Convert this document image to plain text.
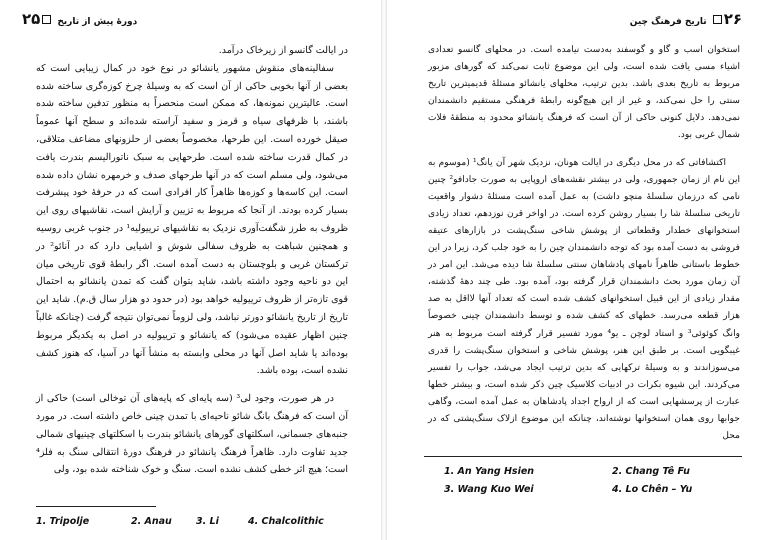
۲۵ دورهٔ پیش از تاریخ

در ایالت گانسو از زیرخاک درآمد.

سفالینه‌های منقوش مشهور یانشائو در نوع خود در کمال زیبایی است که بعضی از آنها بخوبی حاکی از آن است که به وسیلهٔ چرخ کوزه‌گری ساخته شده است. عالیترین نمونه‌ها، که ممکن است منحصراً به منظور تدفین ساخته شده باشند، با ظرفهای سیاه و قرمز و سفید آراسته شده‌اند و سطح آنها عموماً صیقل خورده است. این طرحها، مخصوصاً بعضی از حلزونهای مضاعف متلاقی، در کمال قدرت ساخته شده است. طرحهایی به سبک ناتورالیسم بندرت یافت می‌شود، ولی مسلم است که در آنها طرحهای صدف و خرمهره نشان داده شده است. این کاسه‌ها و کوزه‌ها ظاهراً کار افرادی است که در حرفهٔ خود پیشرفت بسیار کرده بودند. از آنجا که مربوط به تزیین و آرایش است، نقاشیهای روی این ظروف به طرز شگفت‌آوری نزدیک به نقاشیهای ترییولیه¹ در جنوب غربی روسیه و همچنین شباهت به ظروف سفالی شوش و اشیایی دارد که در آنائو² در ترکستان غربی و بلوچستان به دست آمده است. اگر رابطهٔ قوی تاریخی میان این دو ناحیه وجود داشته باشد، شاید بتوان گفت که تمدن یانشائو به احتمال قوی تازه‌تر از ظروف ترییولیه خواهد بود (در حدود دو هزار سال ق.م). شاید این تاریخ از تاریخ یانشائو دورتر نباشد، ولی لزوماً نمی‌توان نتیجه گرفت (چنانکه غالباً چنین اظهار عقیده می‌شود) که یانشائو و ترییولیه در اصل به یکدیگر مربوط بوده‌اند یا شاید اصل آنها در محلی وابسته به منشأ آنها در آسیا، که هنوز کشف نشده است، بوده باشد.

در هر صورت، وجود لی³ (سه پایه‌ای که پایه‌های آن توخالی است) حاکی از آن است که فرهنگ بانگ شائو ناحیه‌ای با تمدن چینی خاص داشته است. در مورد جنبه‌های جسمانی، اسکلتهای گورهای یانشائو بندرت با اسکلتهای چینیهای شمالی جدید تفاوت دارد. ظاهراً فرهنگ یانشائو در فرهنگ دورهٔ انتقالی سنگ به فلز⁴ است؛ هیچ اثر خطی کشف نشده است. سنگ و خوک شناخته شده بود، ولی

1. Tripolje	2. Anau	3. Li	4. Chalcolithic
۲۶
تاریخ فرهنگ چین

استخوان اسب و گاو و گوسفند به‌دست نیامده است. در محلهای گانسو تعدادی اشیاء مسی یافت شده است، ولی این موضوع ثابت نمی‌کند که گورهای مزبور مربوط به تاریخ بعدی باشد. بدین ترتیب، محلهای یانشائو مسئلهٔ قدیمیترین تاریخ سنتی را حل نمی‌کند، و غیر از این هیچ‌گونه رابطهٔ فرهنگی مستقیم دانشمندان نمی‌دهد. دلایل کنونی حاکی از آن است که فرهنگ یانشائو محدود به منطقهٔ فلات شمال غربی بود.

اکتشافاتی که در محل دیگری در ایالت هونان، نزدیک شهر آن یانگ¹ (موسوم به این نام از زمان جمهوری، ولی در بیشتر نقشه‌های اروپایی به صورت جادافو² چنین نامی که درزمان سلسلهٔ منچو داشت) به عمل آمده است مسئلهٔ دشوار واقعیت تاریخی سلسلهٔ شا را بسیار روشن کرده است. در اواخر قرن نوزدهم، تعداد زیادی استخوانهای خطدار وقطعاتی از پوشش شاخی سنگ‌پشت در بازارهای عتیقه فروشی به دست آمده بود که توجه دانشمندان چین را به خود جلب کرد، زیرا در این خطوط باستانی ظاهراً نامهای پادشاهان سنتی سلسلهٔ شا دیده می‌شد. این امر در آن زمان مورد بحث دانشمندان قرار گرفته بود، آمده بود. طی چند دههٔ گذشته، مقدار زیادی از این قبیل استخوانهای کشف شده است که تعداد آنها لااقل به صد هزار قطعه می‌رسد. خطهای که کشف شده و توسط دانشمندان چینی خصوصاً وانگ کوئوئی³ و استاد لوچن ـ یو⁴ مورد تفسیر قرار گرفته است مربوط به هنر غیبگویی است. بر طبق این هنر، پوشش شاخی و استخوان سنگ‌پشت را قدری می‌سوزاندند و به وسیلهٔ ترکهایی که بدین ترتیب ایجاد می‌شد، جواب را تفسیر می‌کردند. این شیوه بکرات در ادبیات کلاسیک چین ذکر شده است، و بیشتر خطها عبارت از پرسشهایی است که از ارواح اجداد پادشاهان به عمل آمده است، وگاهی جوابها روی همان استخوانها نوشته‌اند، چنانکه این موضوع ازلاک سنگ‌پشتی که در محل

1. An Yang Hsien	2. Chang Tê Fu
3. Wang Kuo Wei	4. Lo Chên – Yu
